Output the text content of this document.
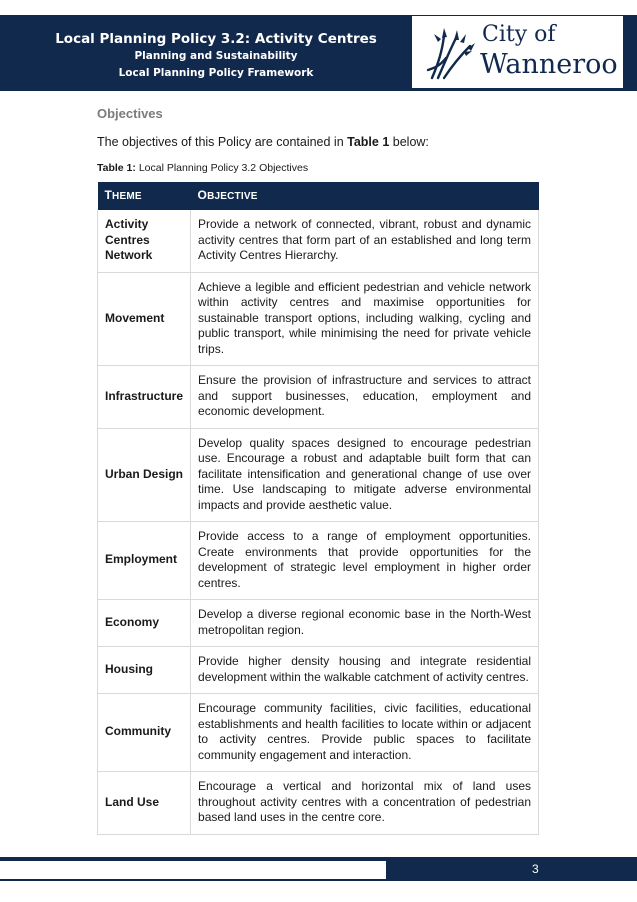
Local Planning Policy 3.2: Activity Centres
Planning and Sustainability
Local Planning Policy Framework
City of
Wanneroo
Objectives
The objectives of this Policy are contained in Table 1 below:
Table 1: Local Planning Policy 3.2 Objectives
THEME	OBJECTIVE
Activity Centres Network	Provide a network of connected, vibrant, robust and dynamic activity centres that form part of an established and long term Activity Centres Hierarchy.
Movement	Achieve a legible and efficient pedestrian and vehicle network within activity centres and maximise opportunities for sustainable transport options, including walking, cycling and public transport, while minimising the need for private vehicle trips.
Infrastructure	Ensure the provision of infrastructure and services to attract and support businesses, education, employment and economic development.
Urban Design	Develop quality spaces designed to encourage pedestrian use. Encourage a robust and adaptable built form that can facilitate intensification and generational change of use over time. Use landscaping to mitigate adverse environmental impacts and provide aesthetic value.
Employment	Provide access to a range of employment opportunities. Create environments that provide opportunities for the development of strategic level employment in higher order centres.
Economy	Develop a diverse regional economic base in the North-West metropolitan region.
Housing	Provide higher density housing and integrate residential development within the walkable catchment of activity centres.
Community	Encourage community facilities, civic facilities, educational establishments and health facilities to locate within or adjacent to activity centres. Provide public spaces to facilitate community engagement and interaction.
Land Use	Encourage a vertical and horizontal mix of land uses throughout activity centres with a concentration of pedestrian based land uses in the centre core.
3
